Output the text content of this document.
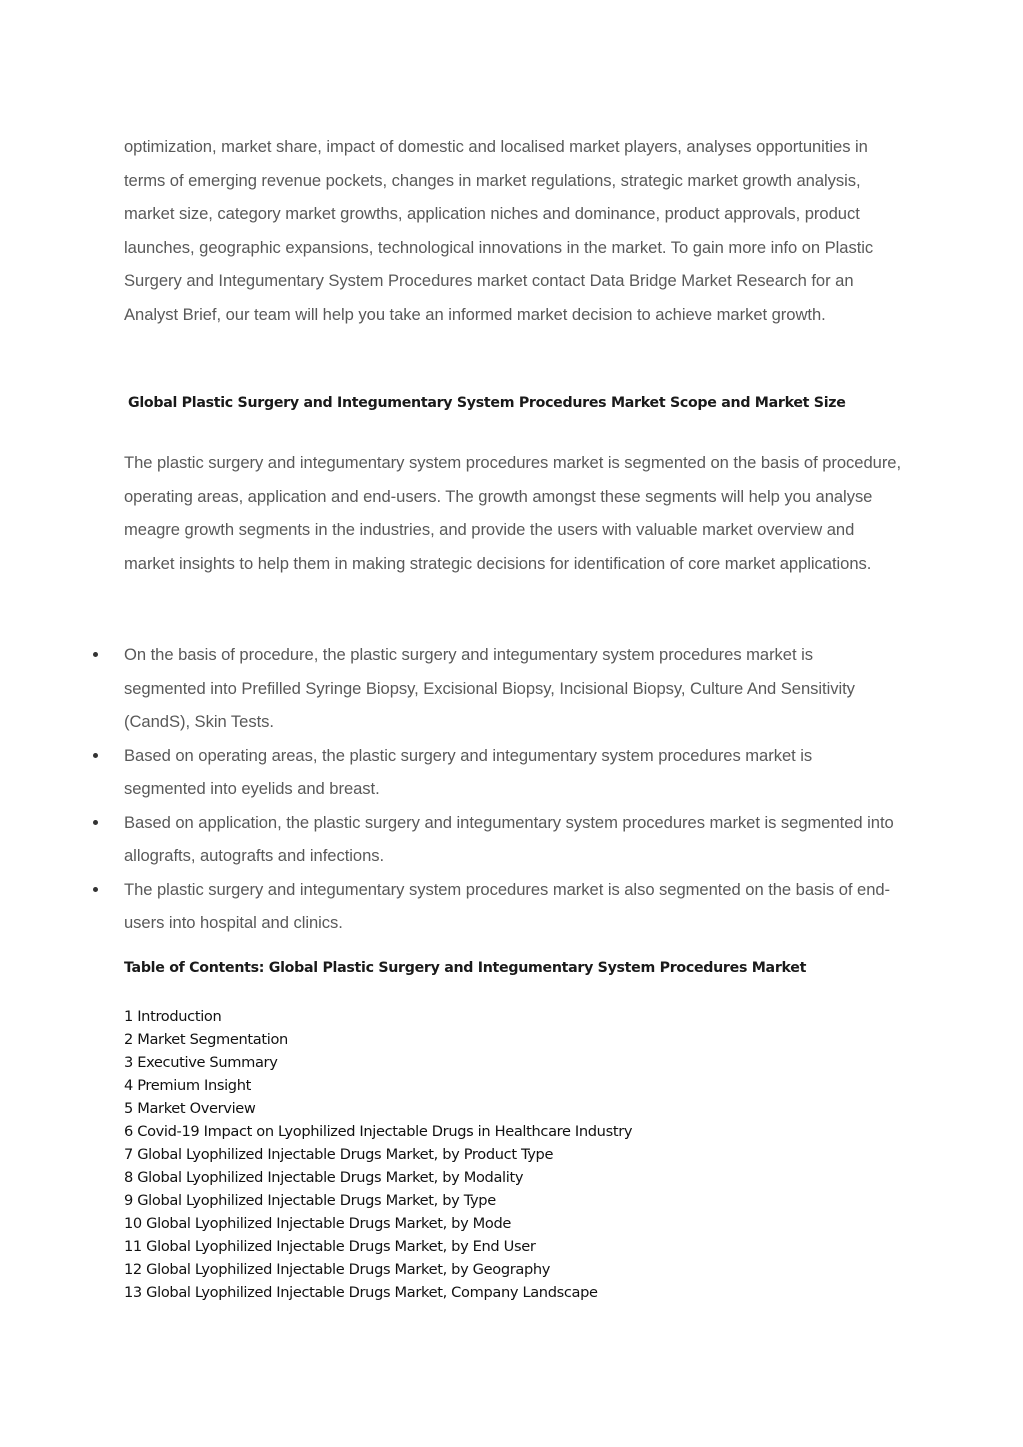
optimization, market share, impact of domestic and localised market players, analyses opportunities in terms of emerging revenue pockets, changes in market regulations, strategic market growth analysis, market size, category market growths, application niches and dominance, product approvals, product launches, geographic expansions, technological innovations in the market. To gain more info on Plastic Surgery and Integumentary System Procedures market contact Data Bridge Market Research for an Analyst Brief, our team will help you take an informed market decision to achieve market growth.

Global Plastic Surgery and Integumentary System Procedures Market Scope and Market Size

The plastic surgery and integumentary system procedures market is segmented on the basis of procedure, operating areas, application and end-users. The growth amongst these segments will help you analyse meagre growth segments in the industries, and provide the users with valuable market overview and market insights to help them in making strategic decisions for identification of core market applications.

On the basis of procedure, the plastic surgery and integumentary system procedures market is segmented into Prefilled Syringe Biopsy, Excisional Biopsy, Incisional Biopsy, Culture And Sensitivity (CandS), Skin Tests.
Based on operating areas, the plastic surgery and integumentary system procedures market is segmented into eyelids and breast.
Based on application, the plastic surgery and integumentary system procedures market is segmented into allografts, autografts and infections.
The plastic surgery and integumentary system procedures market is also segmented on the basis of end-users into hospital and clinics.
Table of Contents: Global Plastic Surgery and Integumentary System Procedures Market
1 Introduction
2 Market Segmentation
3 Executive Summary
4 Premium Insight
5 Market Overview
6 Covid-19 Impact on Lyophilized Injectable Drugs in Healthcare Industry
7 Global Lyophilized Injectable Drugs Market, by Product Type
8 Global Lyophilized Injectable Drugs Market, by Modality
9 Global Lyophilized Injectable Drugs Market, by Type
10 Global Lyophilized Injectable Drugs Market, by Mode
11 Global Lyophilized Injectable Drugs Market, by End User
12 Global Lyophilized Injectable Drugs Market, by Geography
13 Global Lyophilized Injectable Drugs Market, Company Landscape
